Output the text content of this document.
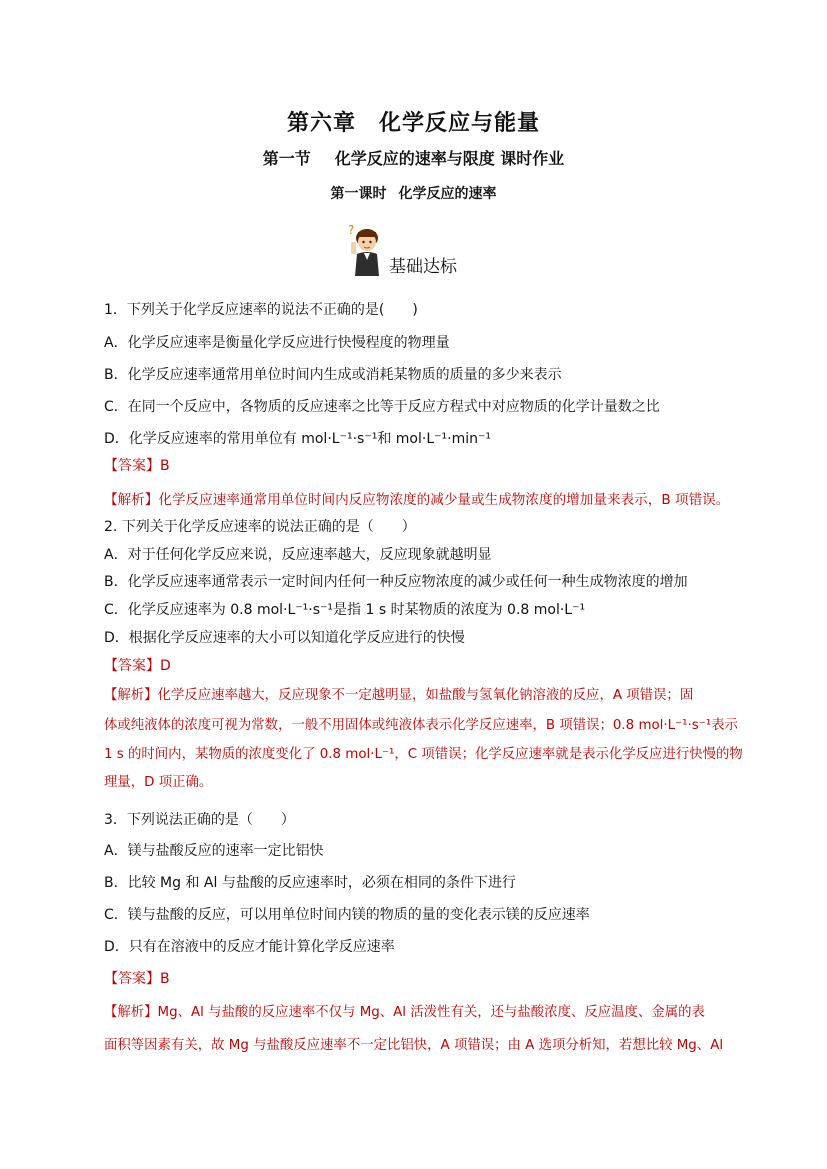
第六章　化学反应与能量
第一节 化学反应的速率与限度 课时作业
第一课时 化学反应的速率
?
基础达标
1．下列关于化学反应速率的说法不正确的是(　　)
A．化学反应速率是衡量化学反应进行快慢程度的物理量
B．化学反应速率通常用单位时间内生成或消耗某物质的质量的多少来表示
C．在同一个反应中，各物质的反应速率之比等于反应方程式中对应物质的化学计量数之比
D．化学反应速率的常用单位有 mol·L⁻¹·s⁻¹和 mol·L⁻¹·min⁻¹
【答案】B
【解析】化学反应速率通常用单位时间内反应物浓度的减少量或生成物浓度的增加量来表示，B 项错误。
2. 下列关于化学反应速率的说法正确的是（　　）
A．对于任何化学反应来说，反应速率越大，反应现象就越明显
B．化学反应速率通常表示一定时间内任何一种反应物浓度的减少或任何一种生成物浓度的增加
C．化学反应速率为 0.8 mol·L⁻¹·s⁻¹是指 1 s 时某物质的浓度为 0.8 mol·L⁻¹
D．根据化学反应速率的大小可以知道化学反应进行的快慢
【答案】D
【解析】化学反应速率越大，反应现象不一定越明显，如盐酸与氢氧化钠溶液的反应，A 项错误；固
体或纯液体的浓度可视为常数，一般不用固体或纯液体表示化学反应速率，B 项错误；0.8 mol·L⁻¹·s⁻¹表示
1 s 的时间内，某物质的浓度变化了 0.8 mol·L⁻¹，C 项错误；化学反应速率就是表示化学反应进行快慢的物
理量，D 项正确。
3．下列说法正确的是（　　）
A．镁与盐酸反应的速率一定比铝快
B．比较 Mg 和 Al 与盐酸的反应速率时，必须在相同的条件下进行
C．镁与盐酸的反应，可以用单位时间内镁的物质的量的变化表示镁的反应速率
D．只有在溶液中的反应才能计算化学反应速率
【答案】B
【解析】Mg、Al 与盐酸的反应速率不仅与 Mg、Al 活泼性有关，还与盐酸浓度、反应温度、金属的表
面积等因素有关，故 Mg 与盐酸反应速率不一定比铝快，A 项错误；由 A 选项分析知，若想比较 Mg、Al
